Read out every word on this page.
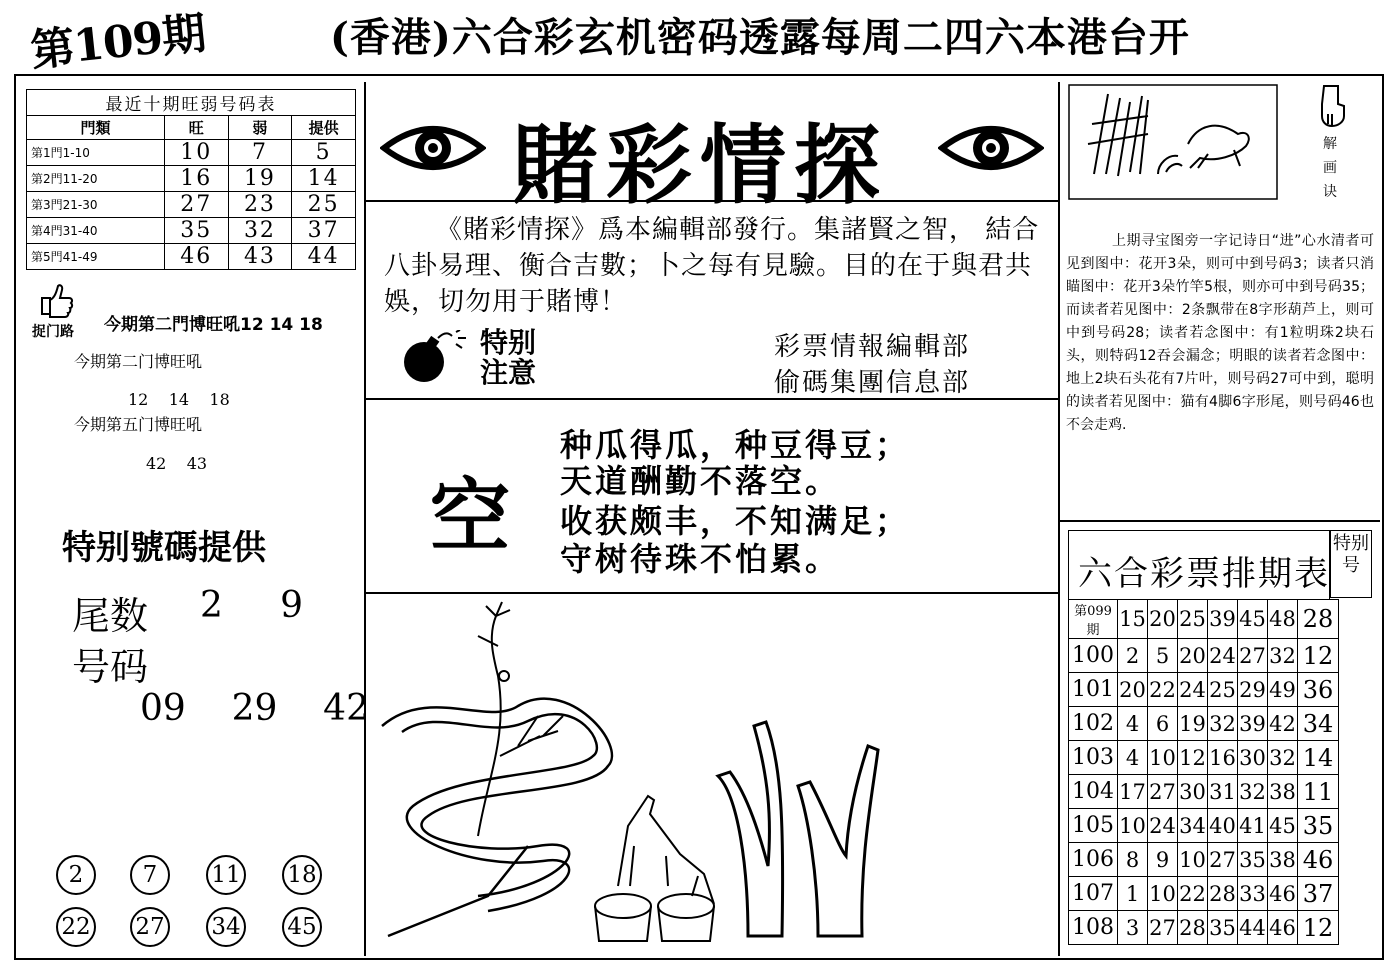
第109期	(香港)六合彩玄机密码透露每周二四六本港台开
最近十期旺弱号码表			
門類	旺	弱	提供
第1門1-10	10	7	5
第2門11-20	16	19	14
第3門21-30	27	23	25
第4門31-40	35	32	37
第5門41-49	46	43	44
捉门路 今期第二門博旺吼12 14 18
今期第二门博旺吼
12    14    18
今期第五门博旺吼
42    43
特别號碼提供
尾数 2     9
号码
09    29    42
2	7	11 18
22 27 34 45
賭彩情探
《賭彩情探》爲本編輯部發行。集諸賢之智， 結合八卦易理、衡合吉數；卜之每有見驗。目的在于與君共娛，切勿用于賭博！
特别
注意
彩票情報編輯部
偷碼集團信息部
空
种瓜得瓜，种豆得豆；
天道酬勤不落空。
收获颇丰，不知满足；
守树待珠不怕累。
解画诀
上期寻宝图旁一字记诗日“进”心水清者可见到图中：花开3朵，则可中到号码3；读者只消瞄图中：花开3朵竹竿5根，则亦可中到号码35；而读者若见图中：2条飘带在8字形葫芦上，则可中到号码28；读者若念图中：有1粒明珠2块石头，则特码12吞会漏念；明眼的读者若念图中：地上2块石头花有7片叶，则号码27可中到，聪明的读者若见图中：猫有4脚6字形尾，则号码46也不会走鸡.
六合彩票排期表
特别号
第099期	15	20	25	39	45	48	28
100	2	5	20	24	27	32	12
101	20	22	24	25	29	49	36
102	4	6	19	32	39	42	34
103	4	10	12	16	30	32	14
104	17	27	30	31	32	38	11
105	10	24	34	40	41	45	35
106	8	9	10	27	35	38	46
107	1	10	22	28	33	46	37
108	3	27	28	35	44	46	12
